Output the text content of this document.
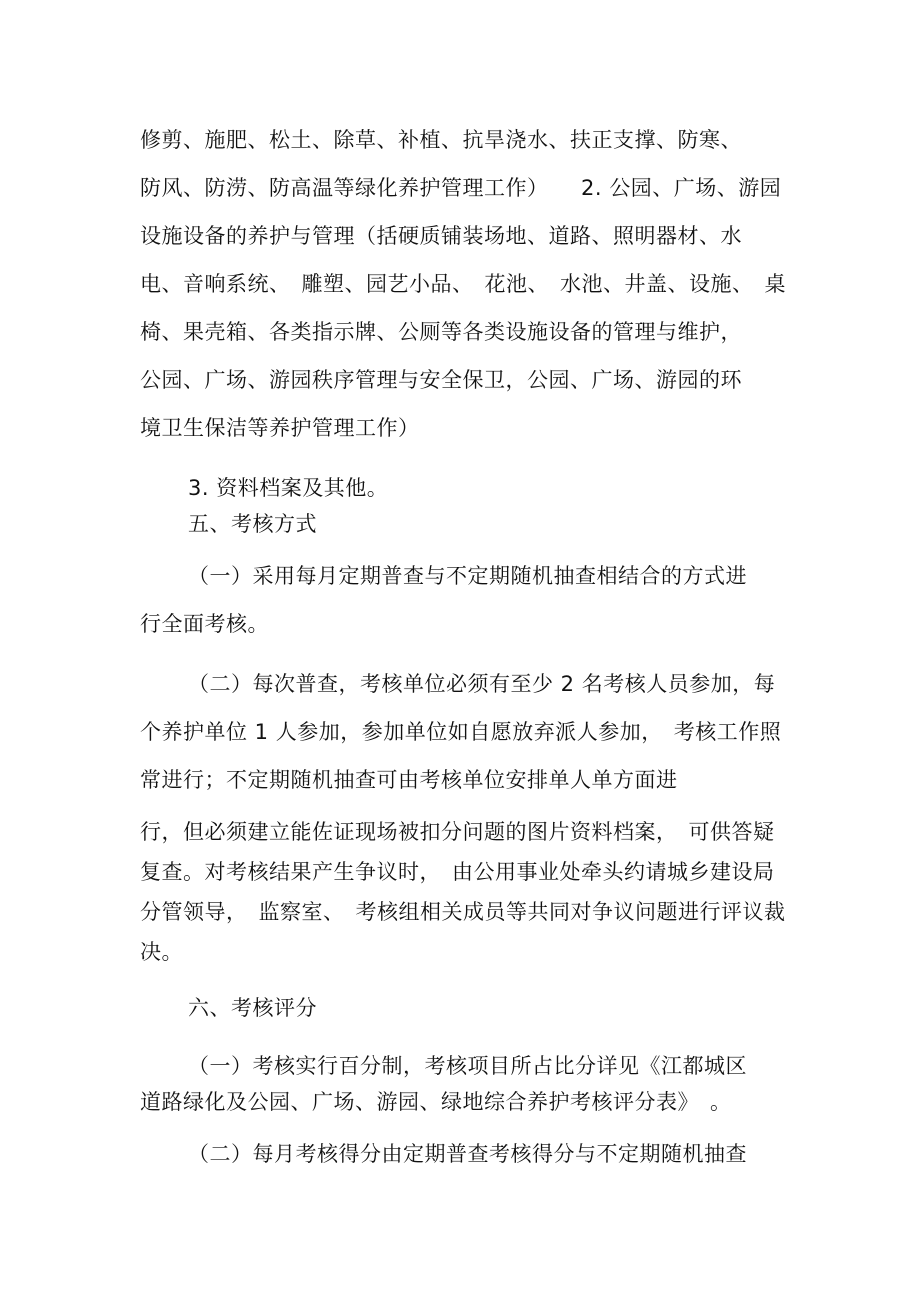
修剪、施肥、松土、除草、补植、抗旱浇水、扶正支撑、防寒、
防风、防涝、防高温等绿化养护管理工作）　　2. 公园、广场、游园
设施设备的养护与管理（括硬质铺装场地、道路、照明器材、水
电、音响系统、　雕塑、园艺小品、　花池、　水池、井盖、设施、　桌
椅、果壳箱、各类指示牌、公厕等各类设施设备的管理与维护，
公园、广场、游园秩序管理与安全保卫，公园、广场、游园的环
境卫生保洁等养护管理工作）
3. 资料档案及其他。
五、考核方式
（一）采用每月定期普查与不定期随机抽查相结合的方式进
行全面考核。
（二）每次普查，考核单位必须有至少 2 名考核人员参加，每
个养护单位 1 人参加，参加单位如自愿放弃派人参加，　考核工作照
常进行；不定期随机抽查可由考核单位安排单人单方面进
行，但必须建立能佐证现场被扣分问题的图片资料档案，　可供答疑
复查。对考核结果产生争议时，　由公用事业处牵头约请城乡建设局
分管领导，　监察室、　考核组相关成员等共同对争议问题进行评议裁
决。
六、考核评分
（一）考核实行百分制，考核项目所占比分详见《江都城区
道路绿化及公园、广场、游园、绿地综合养护考核评分表》　。
（二）每月考核得分由定期普查考核得分与不定期随机抽查
